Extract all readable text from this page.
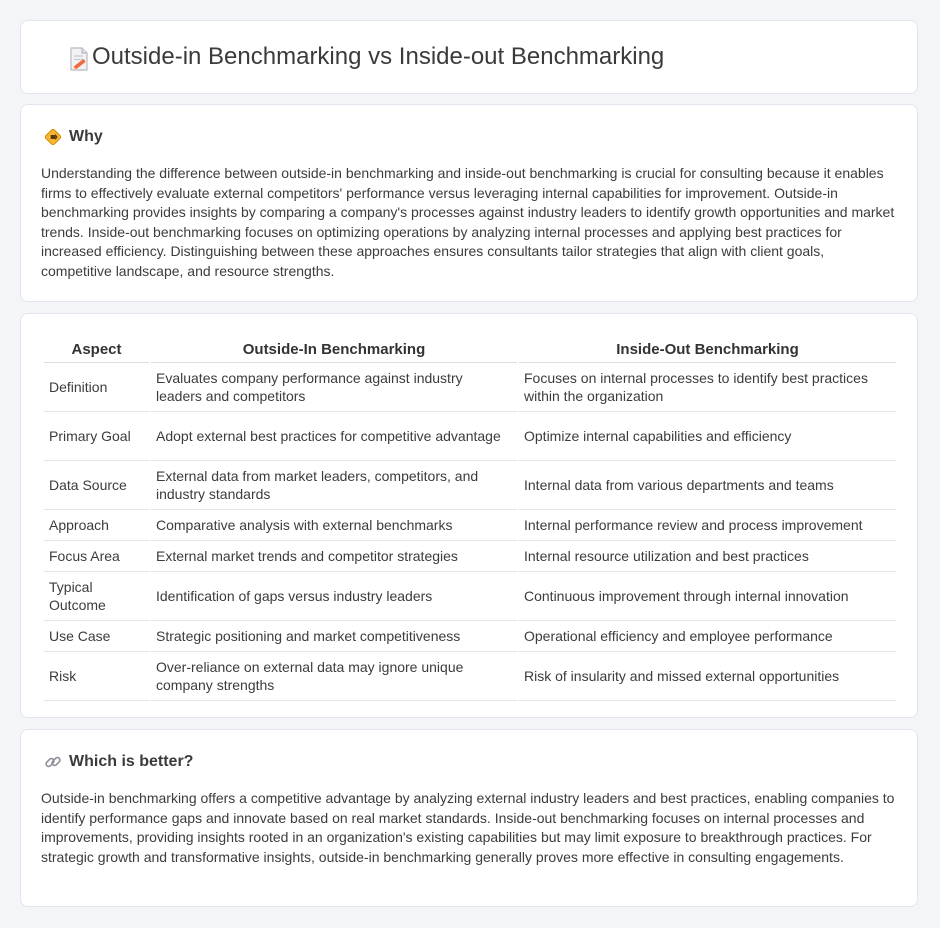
Outside-in Benchmarking vs Inside-out Benchmarking
Why

Understanding the difference between outside-in benchmarking and inside-out benchmarking is crucial for consulting because it enables firms to effectively evaluate external competitors' performance versus leveraging internal capabilities for improvement. Outside-in benchmarking provides insights by comparing a company's processes against industry leaders to identify growth opportunities and market trends. Inside-out benchmarking focuses on optimizing operations by analyzing internal processes and applying best practices for increased efficiency. Distinguishing between these approaches ensures consultants tailor strategies that align with client goals, competitive landscape, and resource strengths.

Aspect	Outside-In Benchmarking	Inside-Out Benchmarking
Definition	Evaluates company performance against industry leaders and competitors	Focuses on internal processes to identify best practices within the organization
Primary Goal	Adopt external best practices for competitive advantage	Optimize internal capabilities and efficiency
Data Source	External data from market leaders, competitors, and industry standards	Internal data from various departments and teams
Approach	Comparative analysis with external benchmarks	Internal performance review and process improvement
Focus Area	External market trends and competitor strategies	Internal resource utilization and best practices
Typical Outcome	Identification of gaps versus industry leaders	Continuous improvement through internal innovation
Use Case	Strategic positioning and market competitiveness	Operational efficiency and employee performance
Risk	Over-reliance on external data may ignore unique company strengths	Risk of insularity and missed external opportunities
Which is better?

Outside-in benchmarking offers a competitive advantage by analyzing external industry leaders and best practices, enabling companies to identify performance gaps and innovate based on real market standards. Inside-out benchmarking focuses on internal processes and improvements, providing insights rooted in an organization's existing capabilities but may limit exposure to breakthrough practices. For strategic growth and transformative insights, outside-in benchmarking generally proves more effective in consulting engagements.
